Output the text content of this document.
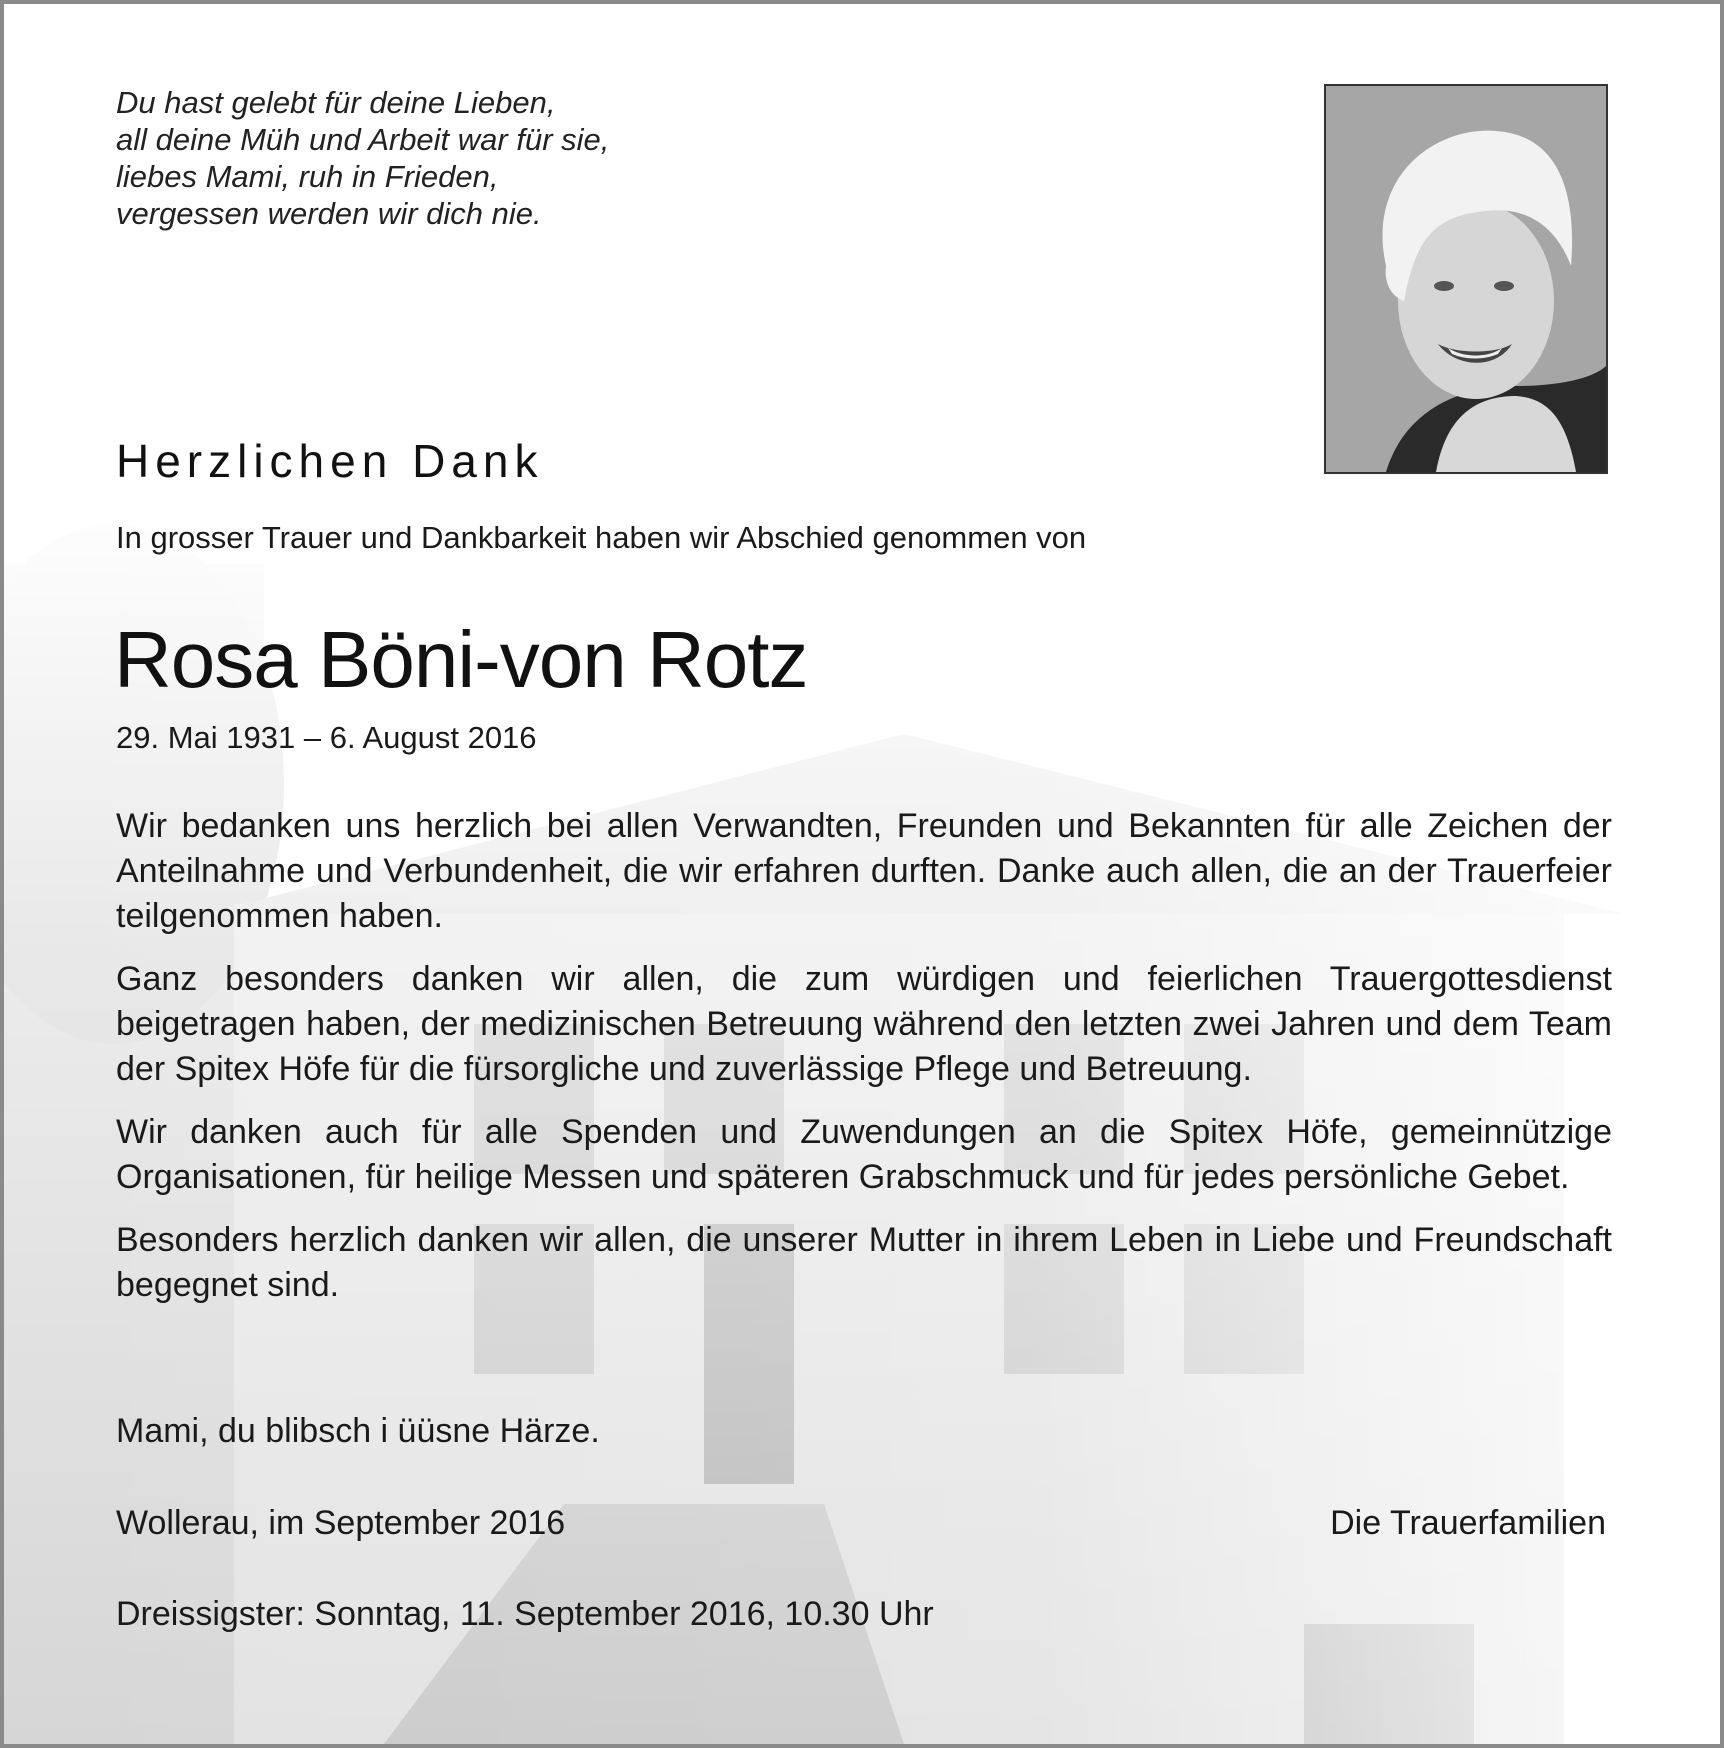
Du hast gelebt für deine Lieben,
all deine Müh und Arbeit war für sie,
liebes Mami, ruh in Frieden,
vergessen werden wir dich nie.
Herzlichen Dank
In grosser Trauer und Dankbarkeit haben wir Abschied genommen von
Rosa Böni-von Rotz
29. Mai 1931 – 6. August 2016

Wir bedanken uns herzlich bei allen Verwandten, Freunden und Bekannten für alle Zeichen der Anteilnahme und Verbundenheit, die wir erfahren durften. Danke auch allen, die an der Trauerfeier teilgenommen haben.

Ganz besonders danken wir allen, die zum würdigen und feierlichen Trauergottesdienst beigetragen haben, der medizinischen Betreuung während den letzten zwei Jahren und dem Team der Spitex Höfe für die fürsorgliche und zuverlässige Pflege und Betreuung.

Wir danken auch für alle Spenden und Zuwendungen an die Spitex Höfe, gemeinnützige Organisationen, für heilige Messen und späteren Grabschmuck und für jedes persönliche Gebet.

Besonders herzlich danken wir allen, die unserer Mutter in ihrem Leben in Liebe und Freundschaft begegnet sind.

Mami, du blibsch i üüsne Härze.
Wollerau, im September 2016	Die Trauerfamilien
Dreissigster: Sonntag, 11. September 2016, 10.30 Uhr
